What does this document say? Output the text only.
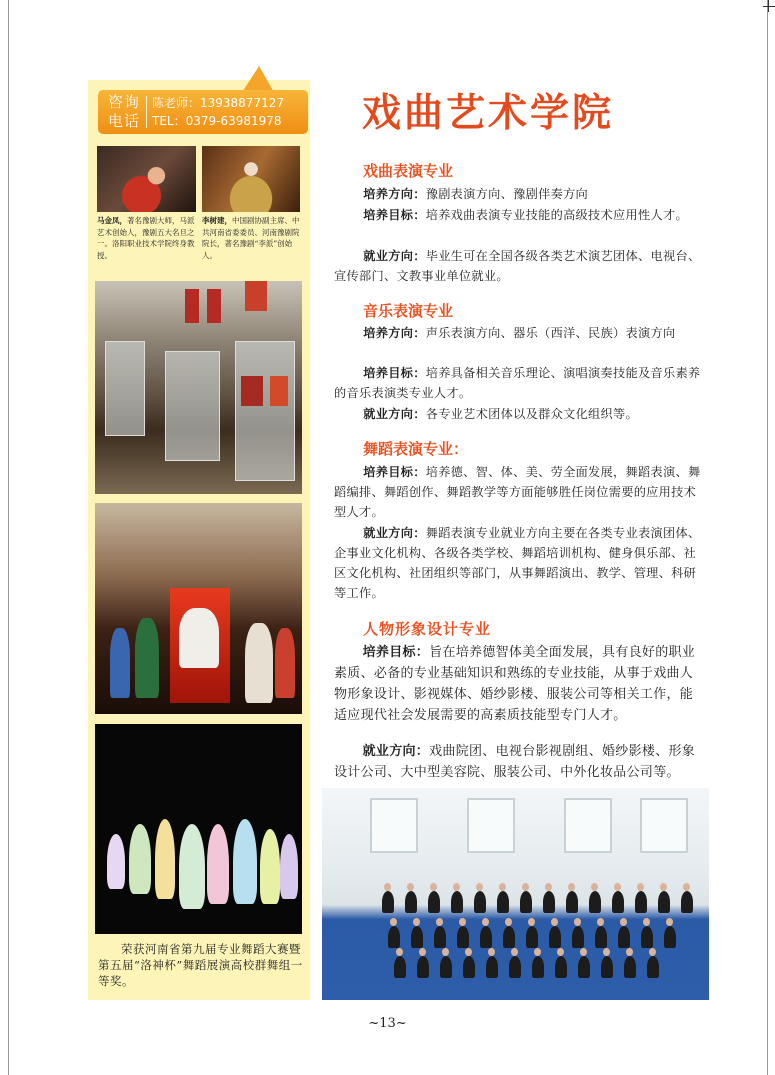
咨询
电话
陈老师：13938877127
TEL：0379-63981978
马金凤，著名豫剧大师，马派艺术创始人，豫剧五大名旦之一。洛阳职业技术学院终身教授。
李树建，中国剧协副主席、中共河南省委委员、河南豫剧院院长，著名豫剧“李派”创始人。
荣获河南省第九届专业舞蹈大赛暨第五届“洛神杯”舞蹈展演高校群舞组一等奖。
戏曲艺术学院
戏曲表演专业
培养方向：豫剧表演方向、豫剧伴奏方向
培养目标：培养戏曲表演专业技能的高级技术应用性人才。
就业方向：毕业生可在全国各级各类艺术演艺团体、电视台、宣传部门、文教事业单位就业。
音乐表演专业
培养方向：声乐表演方向、器乐（西洋、民族）表演方向
培养目标：培养具备相关音乐理论、演唱演奏技能及音乐素养的音乐表演类专业人才。
就业方向：各专业艺术团体以及群众文化组织等。
舞蹈表演专业：
培养目标：培养德、智、体、美、劳全面发展，舞蹈表演、舞蹈编排、舞蹈创作、舞蹈教学等方面能够胜任岗位需要的应用技术型人才。
就业方向：舞蹈表演专业就业方向主要在各类专业表演团体、企事业文化机构、各级各类学校、舞蹈培训机构、健身俱乐部、社区文化机构、社团组织等部门，从事舞蹈演出、教学、管理、科研等工作。
人物形象设计专业
培养目标：旨在培养德智体美全面发展，具有良好的职业素质、必备的专业基础知识和熟练的专业技能，从事于戏曲人物形象设计、影视媒体、婚纱影楼、服装公司等相关工作，能适应现代社会发展需要的高素质技能型专门人才。
就业方向：戏曲院团、电视台影视剧组、婚纱影楼、形象设计公司、大中型美容院、服装公司、中外化妆品公司等。
~13~
